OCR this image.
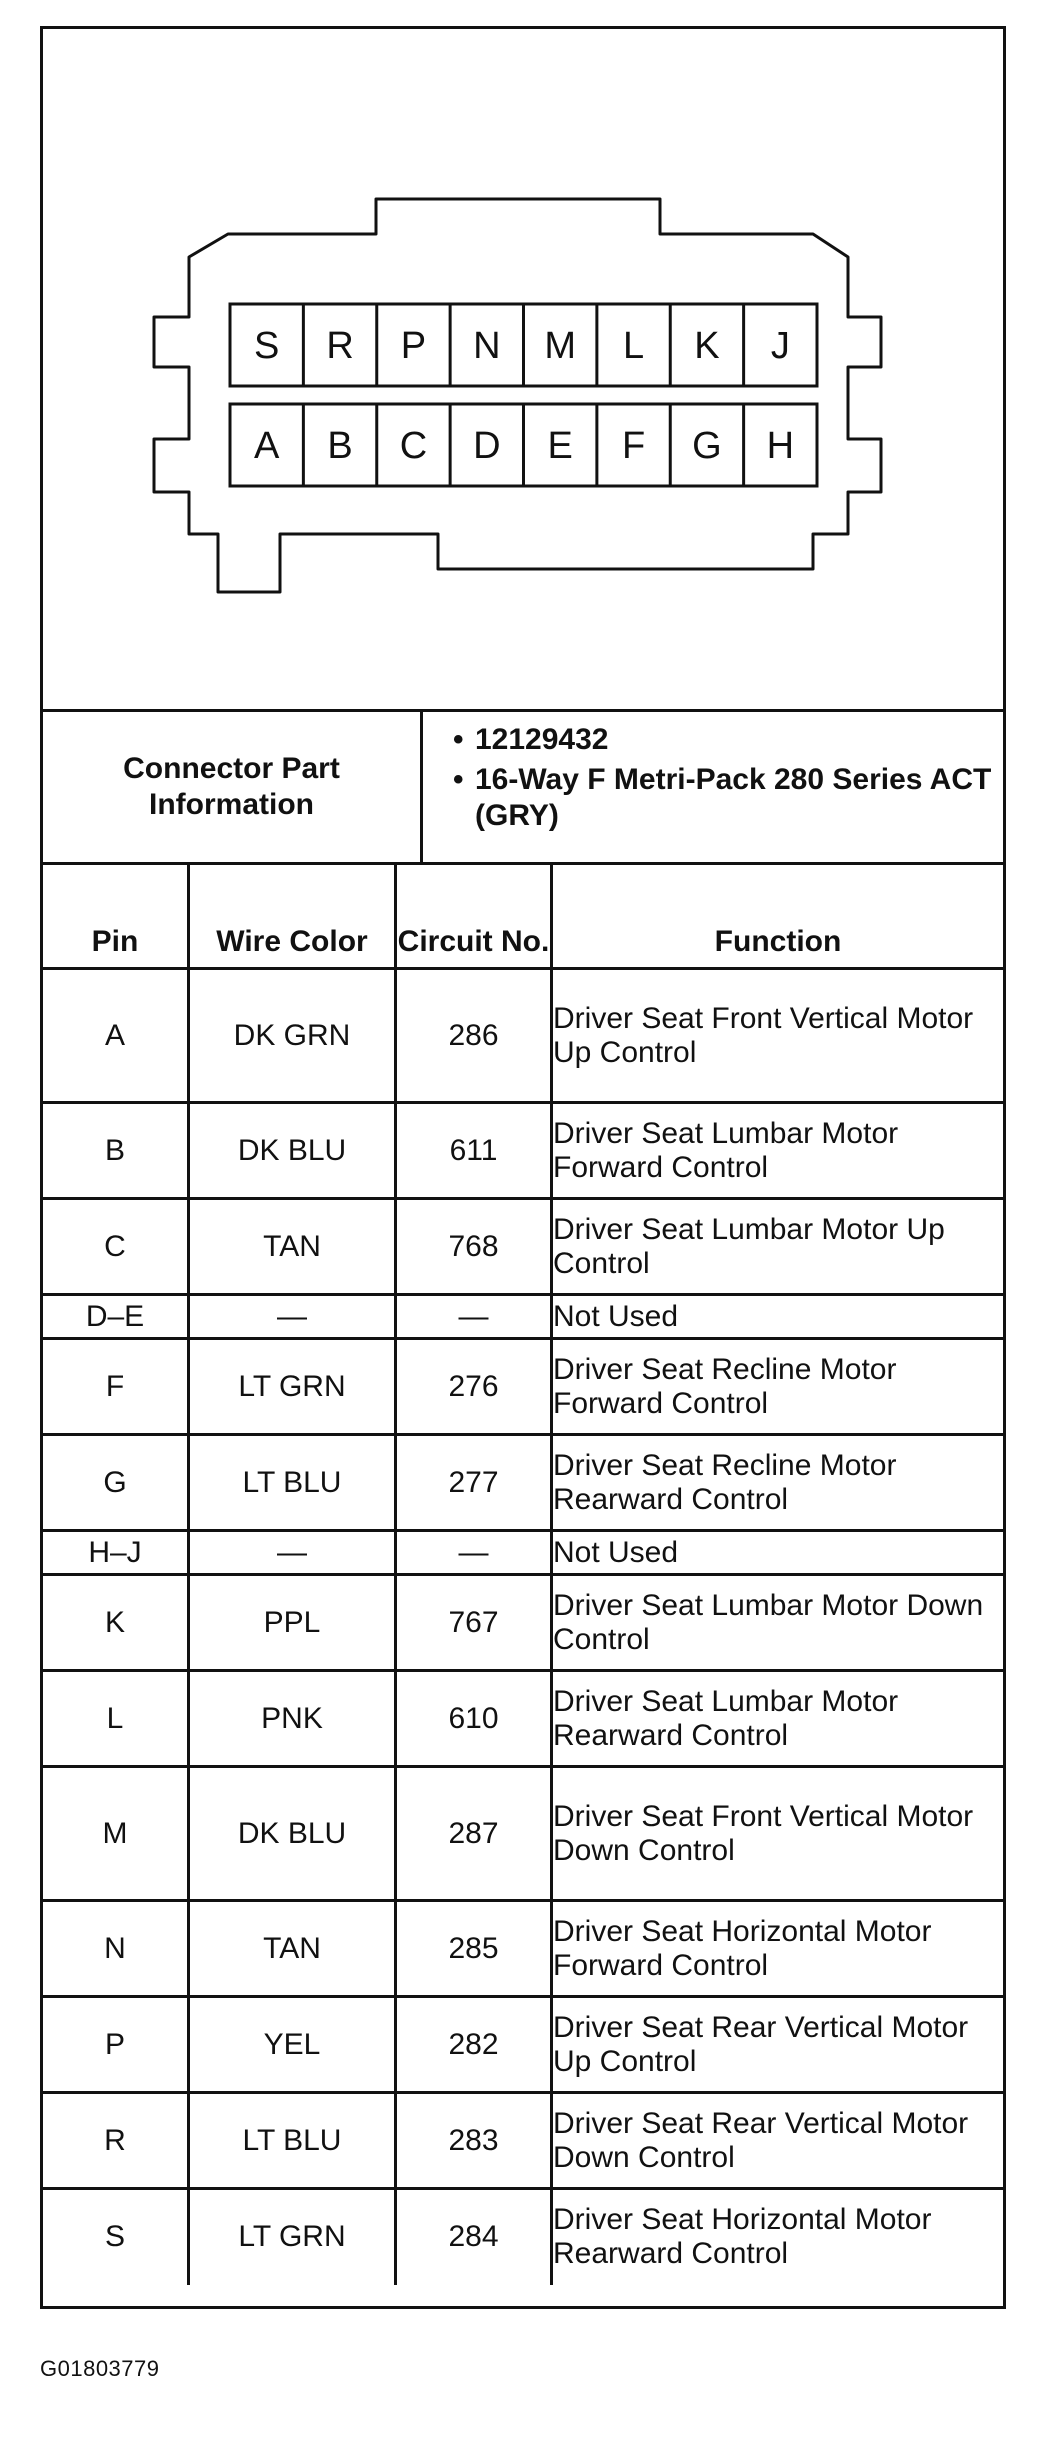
S R P N M L K J
A B C D E F G H
Connector Part Information
• 12129432
• 16-Way F Metri-Pack 280 Series ACT (GRY)
Pin	Wire Color	Circuit No.	Function
A	DK GRN	286	Driver Seat Front Vertical Motor Up Control
B	DK BLU	611	Driver Seat Lumbar Motor Forward Control
C	TAN	768	Driver Seat Lumbar Motor Up Control
D–E	—	—	Not Used
F	LT GRN	276	Driver Seat Recline Motor Forward Control
G	LT BLU	277	Driver Seat Recline Motor Rearward Control
H–J	—	—	Not Used
K	PPL	767	Driver Seat Lumbar Motor Down Control
L	PNK	610	Driver Seat Lumbar Motor Rearward Control
M	DK BLU	287	Driver Seat Front Vertical Motor Down Control
N	TAN	285	Driver Seat Horizontal Motor Forward Control
P	YEL	282	Driver Seat Rear Vertical Motor Up Control
R	LT BLU	283	Driver Seat Rear Vertical Motor Down Control
S	LT GRN	284	Driver Seat Horizontal Motor Rearward Control
G01803779
